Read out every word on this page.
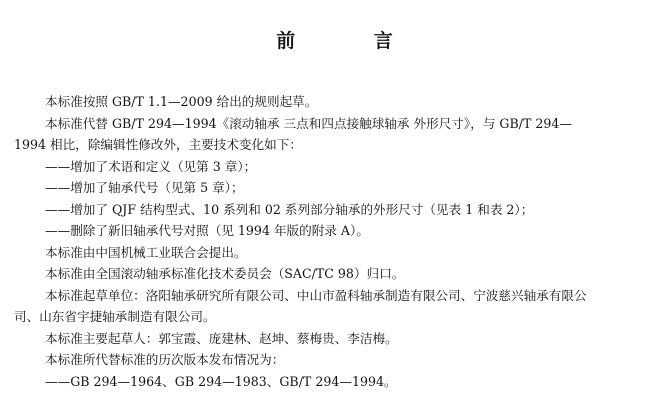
前 言
本标准按照 GB/T 1.1—2009 给出的规则起草。
本标准代替 GB/T 294—1994《滚动轴承 三点和四点接触球轴承 外形尺寸》，与 GB/T 294—
1994 相比，除编辑性修改外，主要技术变化如下：
——增加了术语和定义（见第 3 章）；
——增加了轴承代号（见第 5 章）；
——增加了 QJF 结构型式、10 系列和 02 系列部分轴承的外形尺寸（见表 1 和表 2）；
——删除了新旧轴承代号对照（见 1994 年版的附录 A）。
本标准由中国机械工业联合会提出。
本标准由全国滚动轴承标准化技术委员会（SAC/TC 98）归口。
本标准起草单位：洛阳轴承研究所有限公司、中山市盈科轴承制造有限公司、宁波慈兴轴承有限公
司、山东省宇捷轴承制造有限公司。
本标准主要起草人：郭宝霞、庞建林、赵坤、蔡梅贵、李洁梅。
本标准所代替标准的历次版本发布情况为：
——GB 294—1964、GB 294—1983、GB/T 294—1994。
